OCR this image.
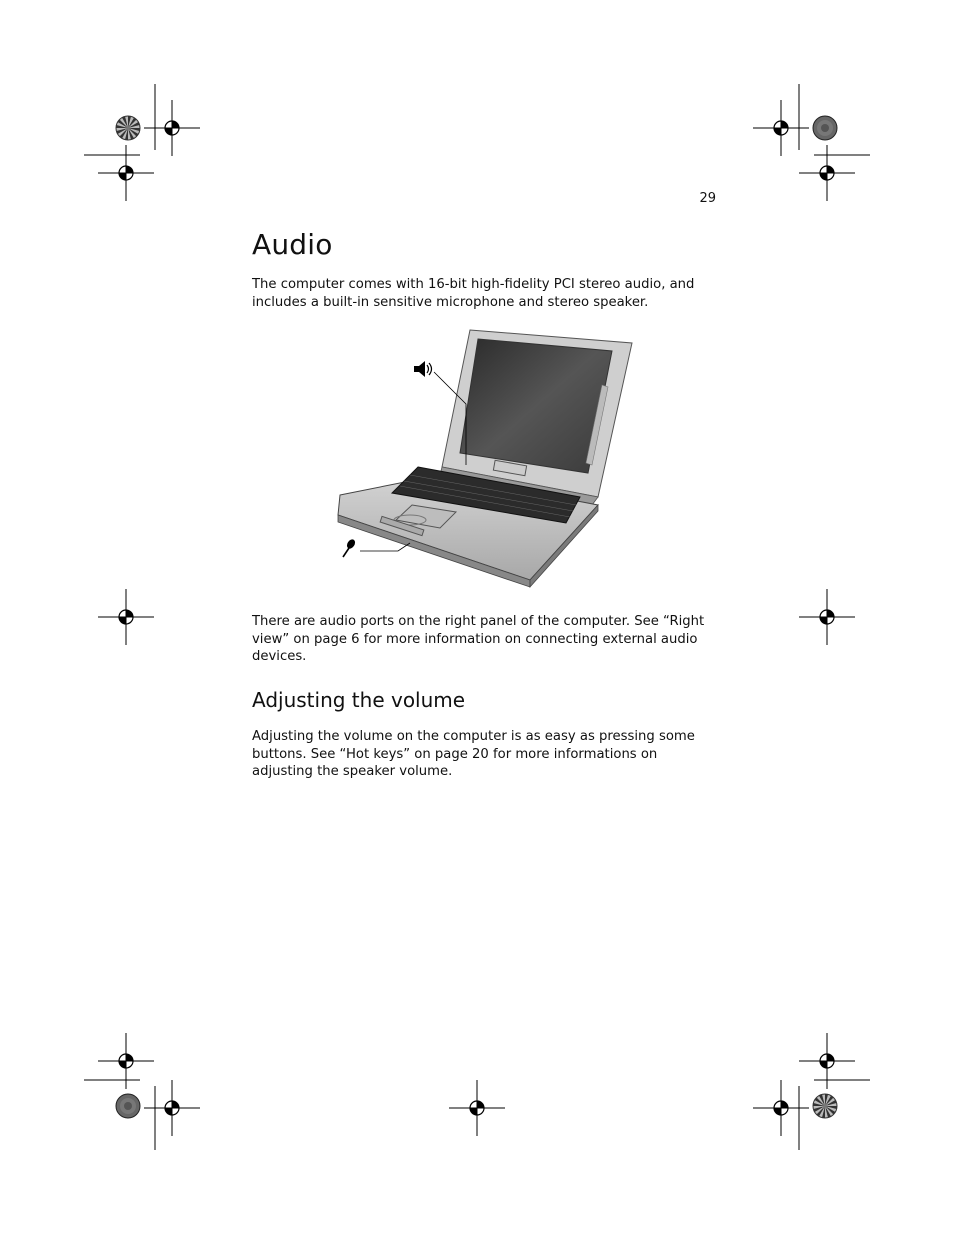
29
Audio

The computer comes with 16-bit high-fidelity PCI stereo audio, and includes a built-in sensitive microphone and stereo speaker.

There are audio ports on the right panel of the computer. See “Right view” on page 6 for more information on connecting external audio devices.

Adjusting the volume

Adjusting the volume on the computer is as easy as pressing some buttons. See “Hot keys” on page 20 for more informations on adjusting the speaker volume.
